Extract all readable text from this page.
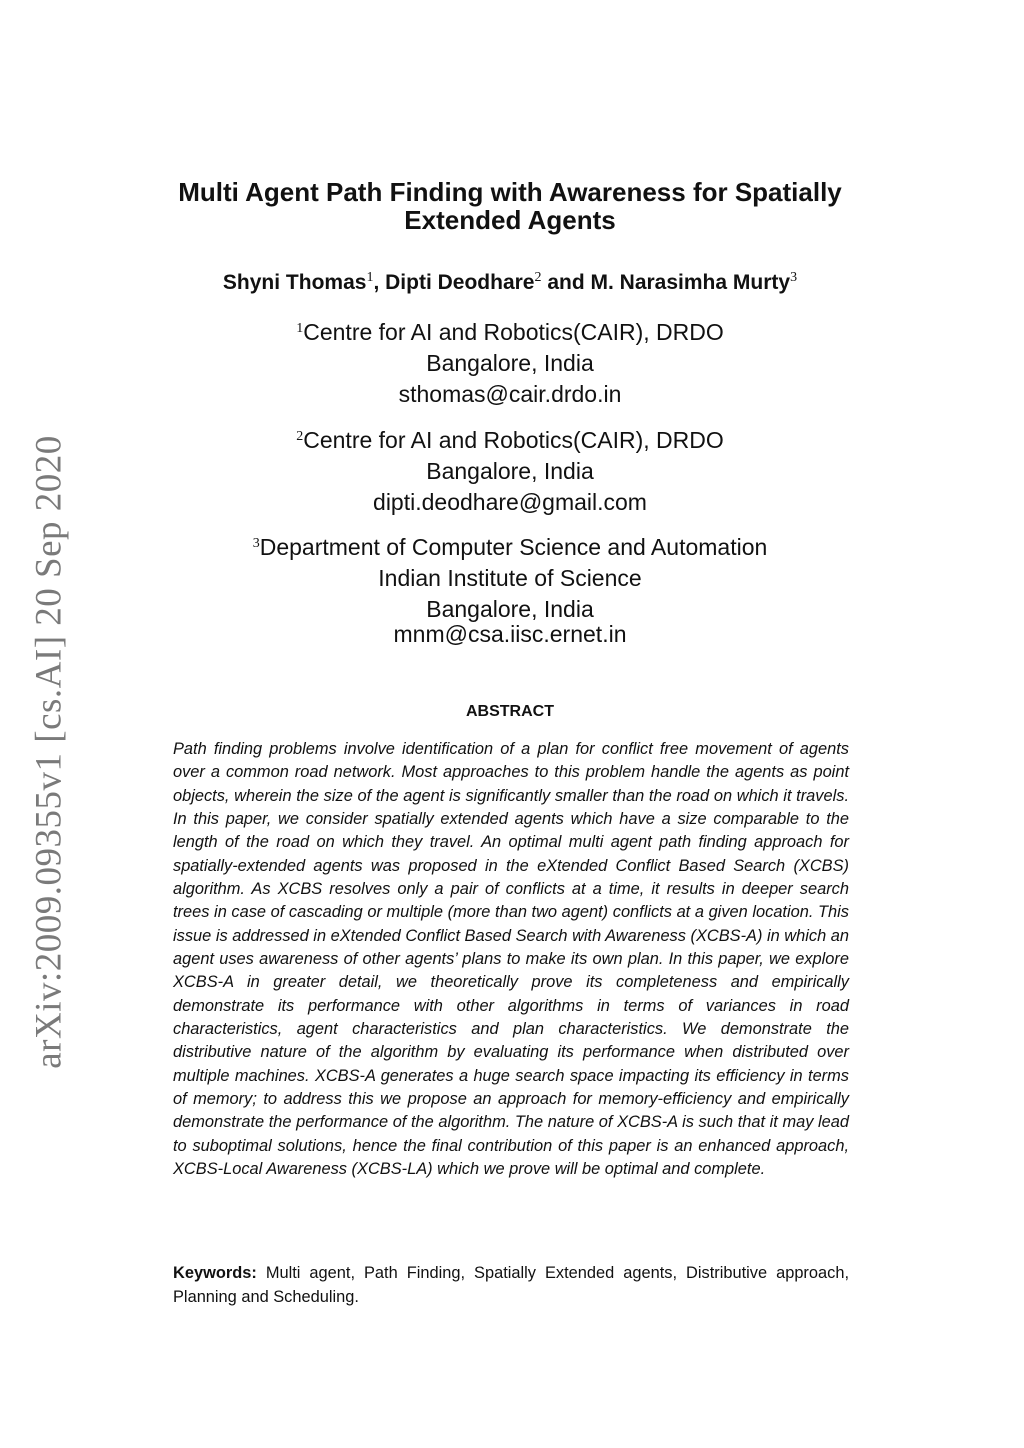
arXiv:2009.09355v1 [cs.AI] 20 Sep 2020
Multi Agent Path Finding with Awareness for Spatially
Extended Agents
Shyni Thomas$^1$, Dipti Deodhare$^2$ and M. Narasimha Murty$^3$
$^1$Centre for AI and Robotics(CAIR), DRDO
Bangalore, India
sthomas@cair.drdo.in
$^2$Centre for AI and Robotics(CAIR), DRDO
Bangalore, India
dipti.deodhare@gmail.com
$^3$Department of Computer Science and Automation
Indian Institute of Science
Bangalore, India
mnm@csa.iisc.ernet.in
ABSTRACT
Path finding problems involve identification of a plan for conflict free movement of agents over a common road network. Most approaches to this problem handle the agents as point objects, wherein the size of the agent is significantly smaller than the road on which it travels. In this paper, we consider spatially extended agents which have a size comparable to the length of the road on which they travel. An optimal multi agent path finding approach for spatially-extended agents was proposed in the eXtended Conflict Based Search (XCBS) algorithm. As XCBS resolves only a pair of conflicts at a time, it results in deeper search trees in case of cascading or multiple (more than two agent) conflicts at a given location. This issue is addressed in eXtended Conflict Based Search with Awareness (XCBS-A) in which an agent uses awareness of other agents’ plans to make its own plan. In this paper, we explore XCBS-A in greater detail, we theoretically prove its completeness and empirically demonstrate its performance with other algorithms in terms of variances in road characteristics, agent characteristics and plan characteristics. We demonstrate the distributive nature of the algorithm by evaluating its performance when distributed over multiple machines. XCBS-A generates a huge search space impacting its efficiency in terms of memory; to address this we propose an approach for memory-efficiency and empirically demonstrate the performance of the algorithm. The nature of XCBS-A is such that it may lead to suboptimal solutions, hence the final contribution of this paper is an enhanced approach, XCBS-Local Awareness (XCBS-LA) which we prove will be optimal and complete.
Keywords: Multi agent, Path Finding, Spatially Extended agents, Distributive approach, Planning and Scheduling.
